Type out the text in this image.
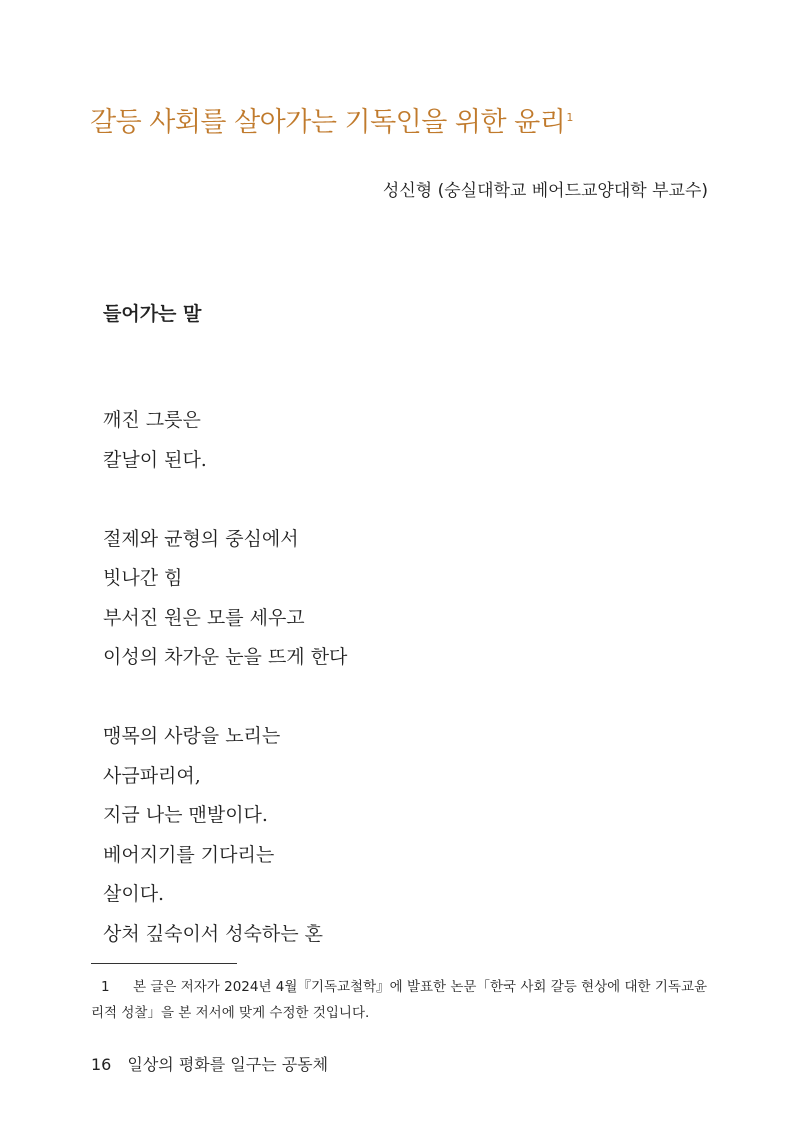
갈등 사회를 살아가는 기독인을 위한 윤리$^1$
성신형 (숭실대학교 베어드교양대학 부교수)
들어가는 말
깨진 그릇은
칼날이 된다.
절제와 균형의 중심에서
빗나간 힘
부서진 원은 모를 세우고
이성의 차가운 눈을 뜨게 한다
맹목의 사랑을 노리는
사금파리여,
지금 나는 맨발이다.
베어지기를 기다리는
살이다.
상처 깊숙이서 성숙하는 혼
1 본 글은 저자가 2024년 4월『기독교철학』에 발표한 논문「한국 사회 갈등 현상에 대한 기독교윤리적 성찰」을 본 저서에 맞게 수정한 것입니다.
16 일상의 평화를 일구는 공동체
